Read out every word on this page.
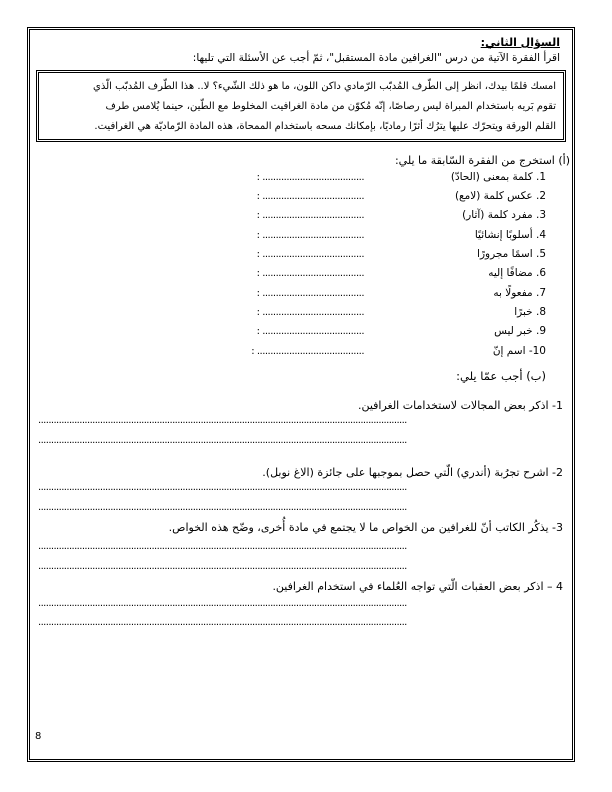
السؤال الثاني:
اقرأ الفقرة الآتية من درس "الغرافين مادة المستقبل"، ثمّ أجب عن الأسئلة التي تليها:
امسك قلمًا بيدك، انظر إلى الطّرف المُدبّب الرّمادي داكن اللون، ما هو ذلك الشّيء؟ لا.. هذا الطّرف المُدبّب الّذي
تقوم بَريه باستخدام المبراة ليس رصاصًا، إنّه مُكوّن من مادة الغرافيت المخلوط مع الطّين، حينما يُلامس طرف
القلم الورقة ويتحرّك عليها يترُك أثرًا رماديًا، بإمكانك مسحه باستخدام الممحاة، هذه المادة الرّماديّة هي الغرافيت.
(أ) استخرج من الفقرة السّابقة ما يلي:
1. كلمة بمعنى (الحادّ)
: ......................................
2. عكس كلمة (لامع)
: ......................................
3. مفرد كلمة (آثار)
: ......................................
4. أسلوبًا إنشائيًا
: ......................................
5. اسمًا مجرورًا
: ......................................
6. مضافًا إليه
: ......................................
7. مفعولًا به
: ......................................
8. خبرًا
: ......................................
9. خبر ليس
: ......................................
10- اسم إنّ
: ........................................
(ب) أجب عمّا يلي:
1- اذكر بعض المجالات لاستخدامات الغرافين.
...............................................................................................................................................
...............................................................................................................................................
2- اشرح تجرُبة (أندري) الّتي حصل بموجبها على جائزة (الاغ نوبل).
...............................................................................................................................................
...............................................................................................................................................
3- يذكُر الكاتب أنّ للغرافين من الخواص ما لا يجتمع في مادة أُخرى، وضّح هذه الخواص.
...............................................................................................................................................
...............................................................................................................................................
4 – اذكر بعض العقبات الّتي تواجه العُلماء في استخدام الغرافين.
...............................................................................................................................................
...............................................................................................................................................
8
